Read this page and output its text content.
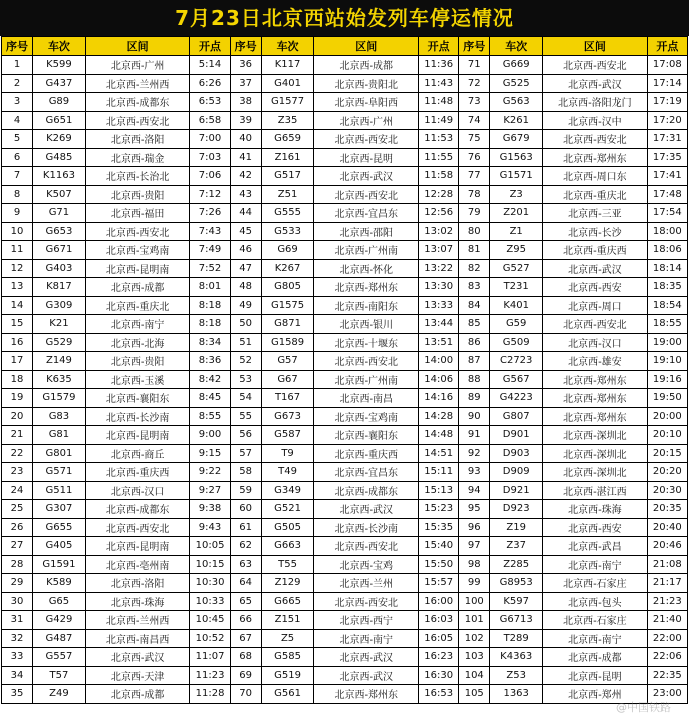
7月23日北京西站始发列车停运情况
序号	车次	区间	开点	序号	车次	区间	开点	序号	车次	区间	开点
1	K599	北京西-广州	5:14	36	K117	北京西-成都	11:36	71	G669	北京西-西安北	17:08
2	G437	北京西-兰州西	6:26	37	G401	北京西-贵阳北	11:43	72	G525	北京西-武汉	17:14
3	G89	北京西-成都东	6:53	38	G1577	北京西-阜阳西	11:48	73	G563	北京西-洛阳龙门	17:19
4	G651	北京西-西安北	6:58	39	Z35	北京西-广州	11:49	74	K261	北京西-汉中	17:20
5	K269	北京西-洛阳	7:00	40	G659	北京西-西安北	11:53	75	G679	北京西-西安北	17:31
6	G485	北京西-瑞金	7:03	41	Z161	北京西-昆明	11:55	76	G1563	北京西-郑州东	17:35
7	K1163	北京西-长治北	7:06	42	G517	北京西-武汉	11:58	77	G1571	北京西-周口东	17:41
8	K507	北京西-贵阳	7:12	43	Z51	北京西-西安北	12:28	78	Z3	北京西-重庆北	17:48
9	G71	北京西-福田	7:26	44	G555	北京西-宜昌东	12:56	79	Z201	北京西-三亚	17:54
10	G653	北京西-西安北	7:43	45	G533	北京西-邵阳	13:02	80	Z1	北京西-长沙	18:00
11	G671	北京西-宝鸡南	7:49	46	G69	北京西-广州南	13:07	81	Z95	北京西-重庆西	18:06
12	G403	北京西-昆明南	7:52	47	K267	北京西-怀化	13:22	82	G527	北京西-武汉	18:14
13	K817	北京西-成都	8:01	48	G805	北京西-郑州东	13:30	83	T231	北京西-西安	18:35
14	G309	北京西-重庆北	8:18	49	G1575	北京西-南阳东	13:33	84	K401	北京西-周口	18:54
15	K21	北京西-南宁	8:18	50	G871	北京西-银川	13:44	85	G59	北京西-西安北	18:55
16	G529	北京西-北海	8:34	51	G1589	北京西-十堰东	13:51	86	G509	北京西-汉口	19:00
17	Z149	北京西-贵阳	8:36	52	G57	北京西-西安北	14:00	87	C2723	北京西-雄安	19:10
18	K635	北京西-玉溪	8:42	53	G67	北京西-广州南	14:06	88	G567	北京西-郑州东	19:16
19	G1579	北京西-襄阳东	8:45	54	T167	北京西-南昌	14:16	89	G4223	北京西-郑州东	19:50
20	G83	北京西-长沙南	8:55	55	G673	北京西-宝鸡南	14:28	90	G807	北京西-郑州东	20:00
21	G81	北京西-昆明南	9:00	56	G587	北京西-襄阳东	14:48	91	D901	北京西-深圳北	20:10
22	G801	北京西-商丘	9:15	57	T9	北京西-重庆西	14:51	92	D903	北京西-深圳北	20:15
23	G571	北京西-重庆西	9:22	58	T49	北京西-宜昌东	15:11	93	D909	北京西-深圳北	20:20
24	G511	北京西-汉口	9:27	59	G349	北京西-成都东	15:13	94	D921	北京西-湛江西	20:30
25	G307	北京西-成都东	9:38	60	G521	北京西-武汉	15:23	95	D923	北京西-珠海	20:35
26	G655	北京西-西安北	9:43	61	G505	北京西-长沙南	15:35	96	Z19	北京西-西安	20:40
27	G405	北京西-昆明南	10:05	62	G663	北京西-西安北	15:40	97	Z37	北京西-武昌	20:46
28	G1591	北京西-亳州南	10:15	63	T55	北京西-宝鸡	15:50	98	Z285	北京西-南宁	21:08
29	K589	北京西-洛阳	10:30	64	Z129	北京西-兰州	15:57	99	G8953	北京西-石家庄	21:17
30	G65	北京西-珠海	10:33	65	G665	北京西-西安北	16:00	100	K597	北京西-包头	21:23
31	G429	北京西-兰州西	10:45	66	Z151	北京西-西宁	16:03	101	G6713	北京西-石家庄	21:40
32	G487	北京西-南昌西	10:52	67	Z5	北京西-南宁	16:05	102	T289	北京西-南宁	22:00
33	G557	北京西-武汉	11:07	68	G585	北京西-武汉	16:23	103	K4363	北京西-成都	22:06
34	T57	北京西-天津	11:23	69	G519	北京西-武汉	16:30	104	Z53	北京西-昆明	22:35
35	Z49	北京西-成都	11:28	70	G561	北京西-郑州东	16:53	105	1363	北京西-郑州	23:00
@中国铁路
